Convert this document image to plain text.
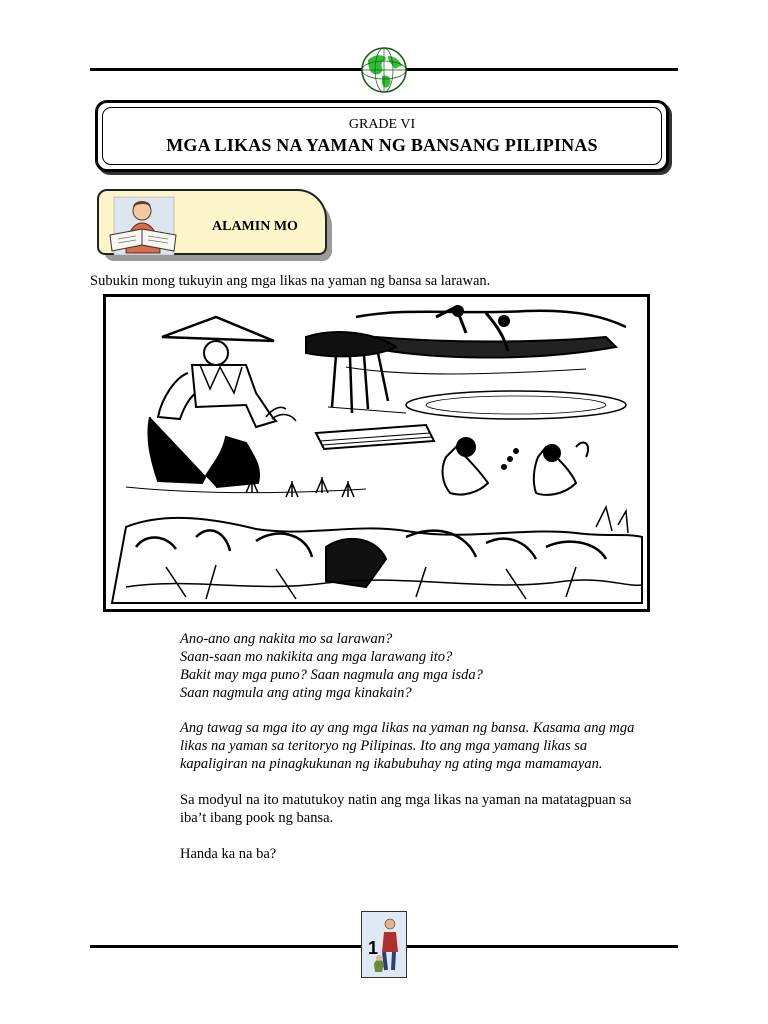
GRADE VI
MGA LIKAS NA YAMAN NG BANSANG PILIPINAS
ALAMIN MO
Subukin mong tukuyin ang mga likas na yaman ng bansa sa larawan.
Ano-ano ang nakita mo sa larawan?
Saan-saan mo nakikita ang mga larawang ito?
Bakit may mga puno? Saan nagmula ang mga isda?
Saan nagmula ang ating mga kinakain?
Ang tawag sa mga ito ay ang mga likas na yaman ng bansa. Kasama ang mga
likas na yaman sa teritoryo ng Pilipinas. Ito ang mga yamang likas sa
kapaligiran na pinagkukunan ng ikabubuhay ng ating mga mamamayan.
Sa modyul na ito matutukoy natin ang mga likas na yaman na matatagpuan sa
iba’t ibang pook ng bansa.
Handa ka na ba?
1
